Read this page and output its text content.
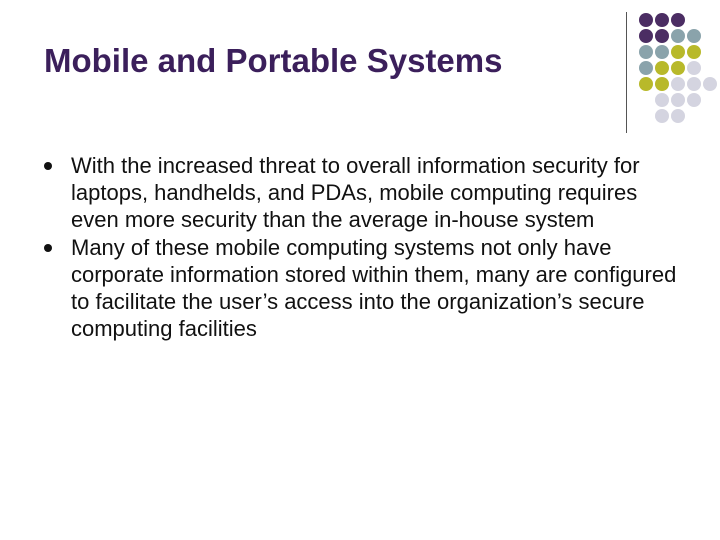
Mobile and Portable Systems
With the increased threat to overall information security for laptops, handhelds, and PDAs, mobile computing requires even more security than the average in-house system
Many of these mobile computing systems not only have corporate information stored within them, many are configured to facilitate the user’s access into the organization’s secure computing facilities
